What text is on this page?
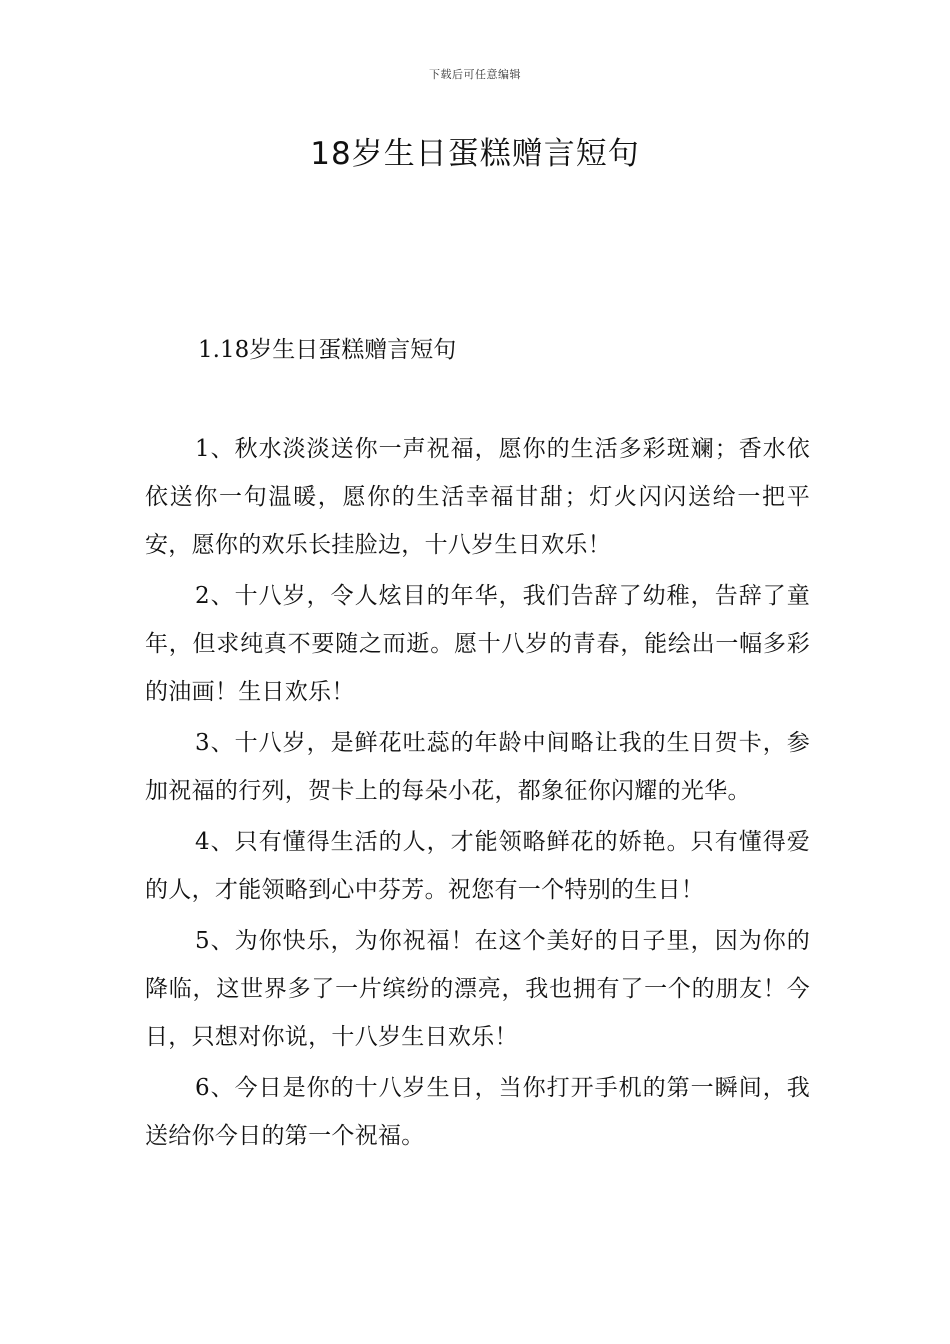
下载后可任意编辑
18岁生日蛋糕赠言短句

1.18岁生日蛋糕赠言短句

1、秋水淡淡送你一声祝福，愿你的生活多彩斑斓；香水依依送你一句温暖，愿你的生活幸福甘甜；灯火闪闪送给一把平安，愿你的欢乐长挂脸边，十八岁生日欢乐！

2、十八岁，令人炫目的年华，我们告辞了幼稚，告辞了童年，但求纯真不要随之而逝。愿十八岁的青春，能绘出一幅多彩的油画！生日欢乐！

3、十八岁，是鲜花吐蕊的年龄中间略让我的生日贺卡，参加祝福的行列，贺卡上的每朵小花，都象征你闪耀的光华。

4、只有懂得生活的人，才能领略鲜花的娇艳。只有懂得爱的人，才能领略到心中芬芳。祝您有一个特别的生日！

5、为你快乐，为你祝福！在这个美好的日子里，因为你的降临，这世界多了一片缤纷的漂亮，我也拥有了一个的朋友！今日，只想对你说，十八岁生日欢乐！

6、今日是你的十八岁生日，当你打开手机的第一瞬间，我送给你今日的第一个祝福。
